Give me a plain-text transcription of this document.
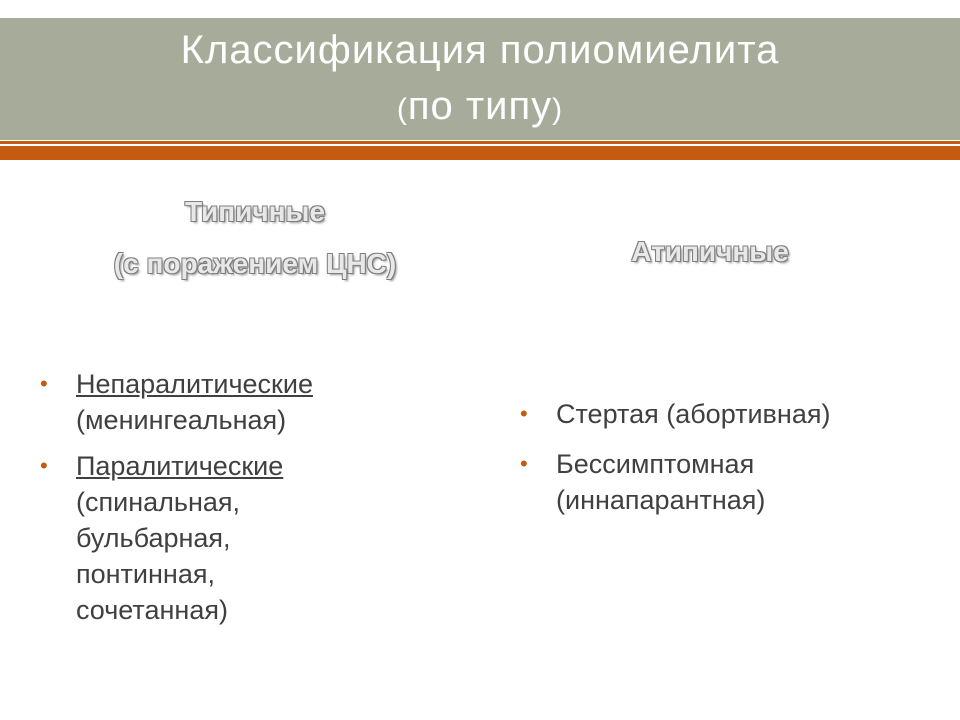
Классификация полиомиелита
(по типу)
Типичные
(с поражением ЦНС)	Атипичные
• Непаралитические
(менингеальная)
• Паралитические

(спинальная, бульбарная, понтинная, сочетанная)
• Стертая (абортивная)
• Бессимптомная (иннапарантная)
